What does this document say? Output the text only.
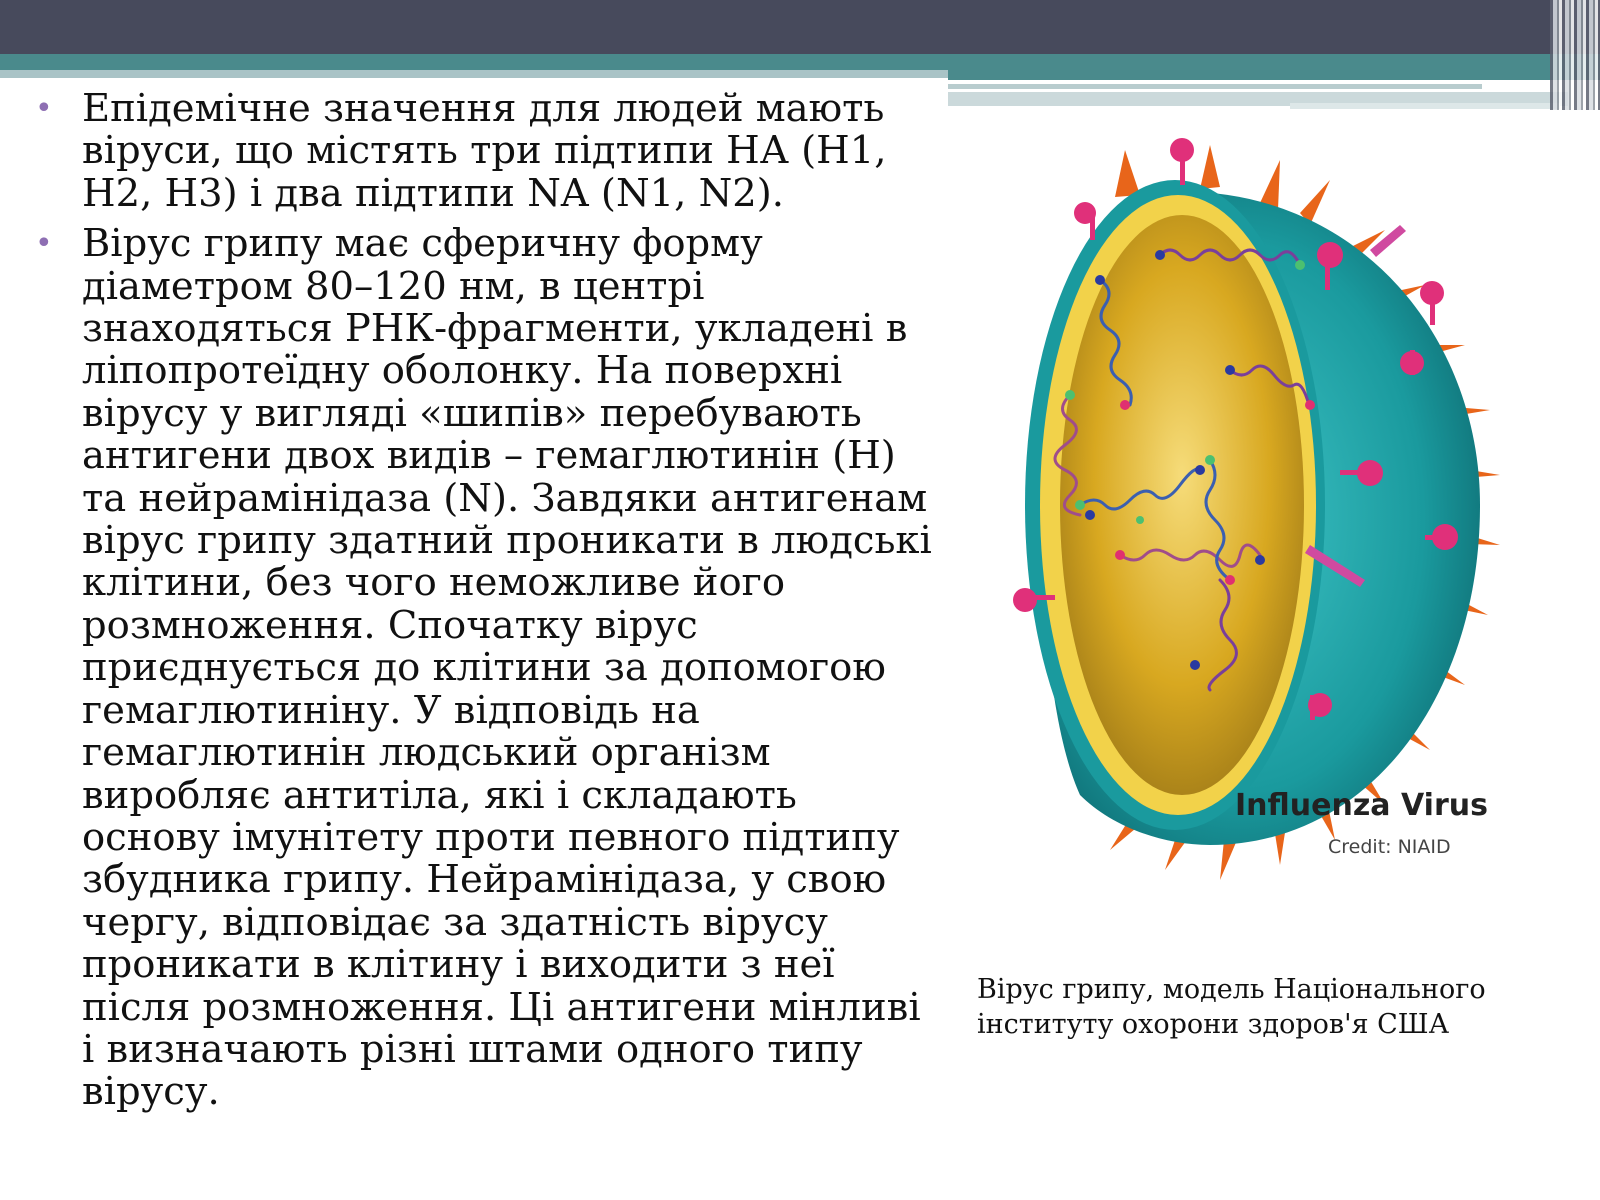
• Епідемічне значення для людей мають віруси, що містять три підтипи НА (Н1, Н2, Н3) і два підтипи NA (N1, N2).

• Вірус грипу має сферичну форму діаметром 80–120 нм, в центрі знаходяться РНК-фрагменти, укладені в ліпопротеїдну оболонку. На поверхні вірусу у вигляді «шипів» перебувають антигени двох видів – гемаглютинін (Н) та нейрамінідаза (N). Завдяки антигенам вірус грипу здатний проникати в людські клітини, без чого неможливе його розмноження. Спочатку вірус приєднується до клітини за допомогою гемаглютиніну. У відповідь на гемаглютинін людський організм виробляє антитіла, які і складають основу імунітету проти певного підтипу збудника грипу. Нейрамінідаза, у свою чергу, відповідає за здатність вірусу проникати в клітину і виходити з неї після розмноження. Ці антигени мінливі і визначають різні штами одного типу вірусу.

Influenza Virus
Credit: NIAID
Вірус грипу, модель Національного інституту охорони здоров'я США
